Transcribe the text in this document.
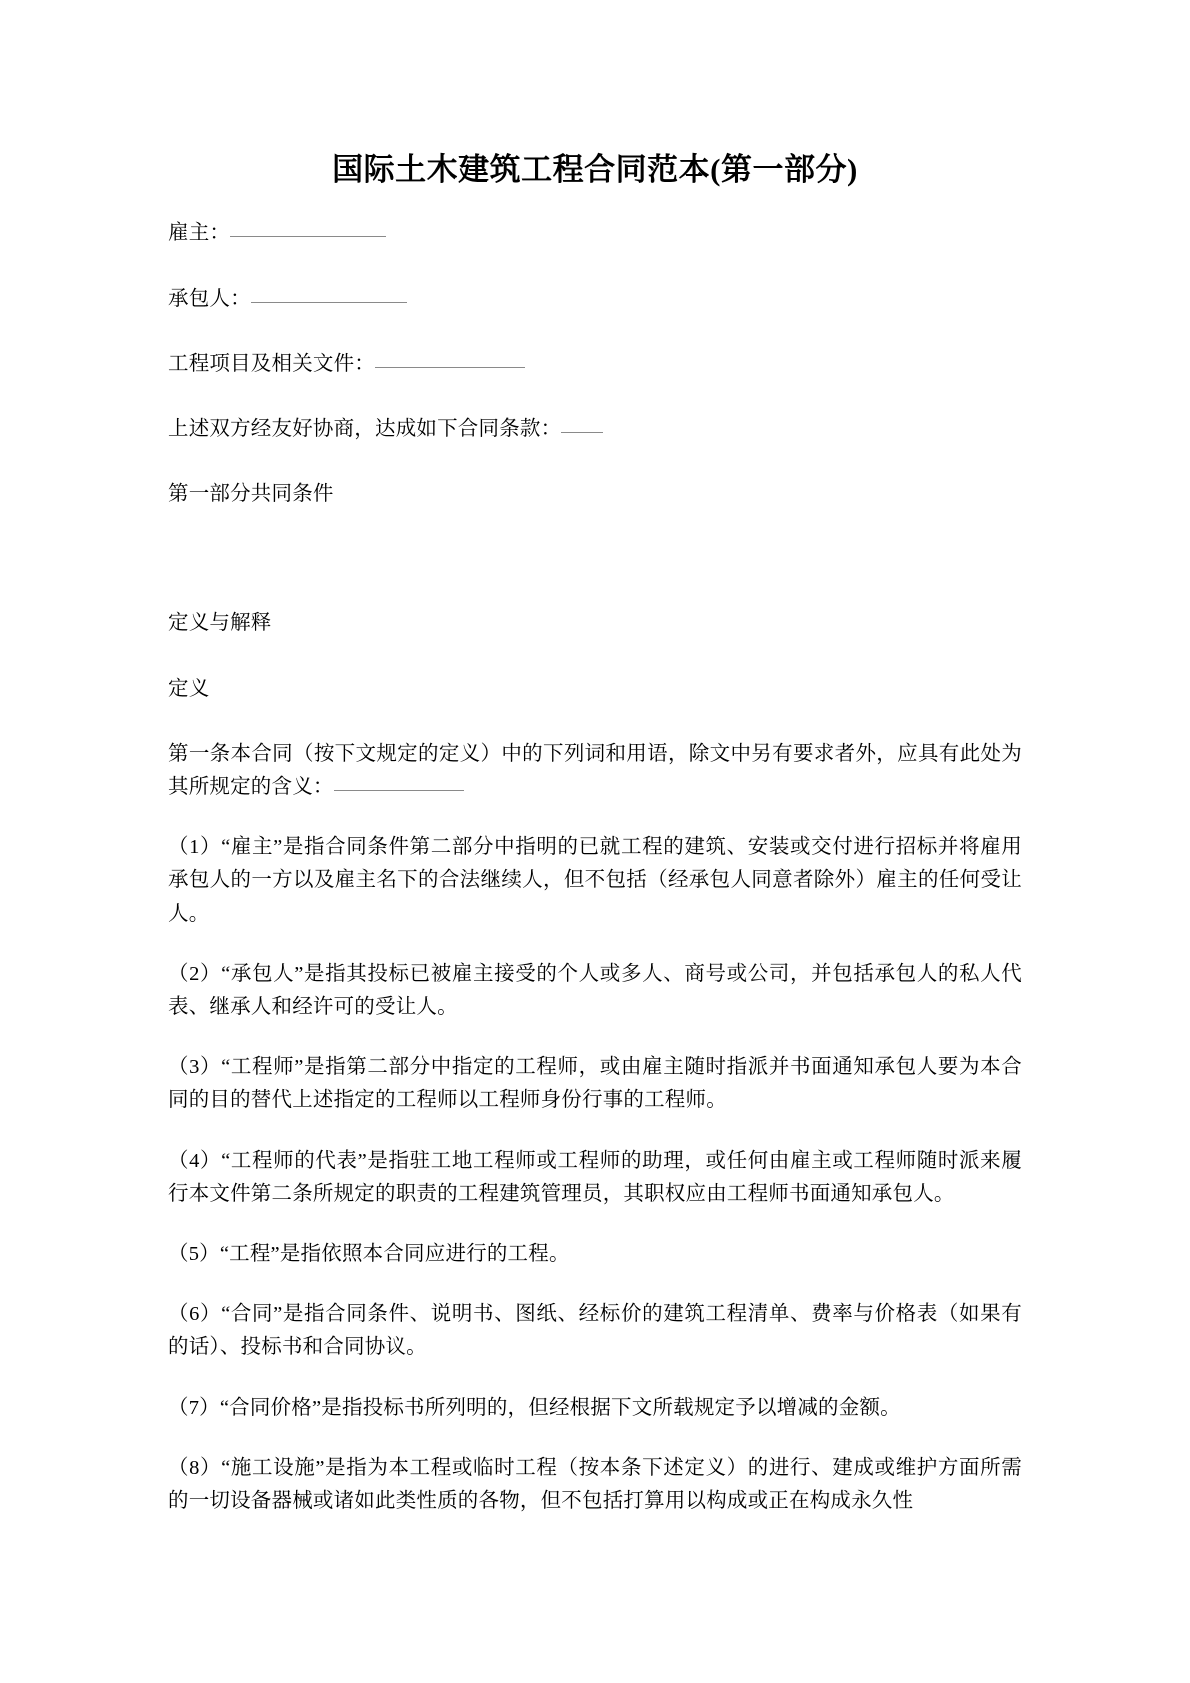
国际土木建筑工程合同范本(第一部分)

雇主：

承包人：

工程项目及相关文件：

上述双方经友好协商，达成如下合同条款：

第一部分共同条件

定义与解释

定义

第一条本合同（按下文规定的定义）中的下列词和用语，除文中另有要求者外，应具有此处为其所规定的含义：

（1）“雇主”是指合同条件第二部分中指明的已就工程的建筑、安装或交付进行招标并将雇用承包人的一方以及雇主名下的合法继续人，但不包括（经承包人同意者除外）雇主的任何受让人。

（2）“承包人”是指其投标已被雇主接受的个人或多人、商号或公司，并包括承包人的私人代表、继承人和经许可的受让人。

（3）“工程师”是指第二部分中指定的工程师，或由雇主随时指派并书面通知承包人要为本合同的目的替代上述指定的工程师以工程师身份行事的工程师。

（4）“工程师的代表”是指驻工地工程师或工程师的助理，或任何由雇主或工程师随时派来履行本文件第二条所规定的职责的工程建筑管理员，其职权应由工程师书面通知承包人。

（5）“工程”是指依照本合同应进行的工程。

（6）“合同”是指合同条件、说明书、图纸、经标价的建筑工程清单、费率与价格表（如果有的话）、投标书和合同协议。

（7）“合同价格”是指投标书所列明的，但经根据下文所载规定予以增减的金额。

（8）“施工设施”是指为本工程或临时工程（按本条下述定义）的进行、建成或维护方面所需的一切设备器械或诸如此类性质的各物，但不包括打算用以构成或正在构成永久性
